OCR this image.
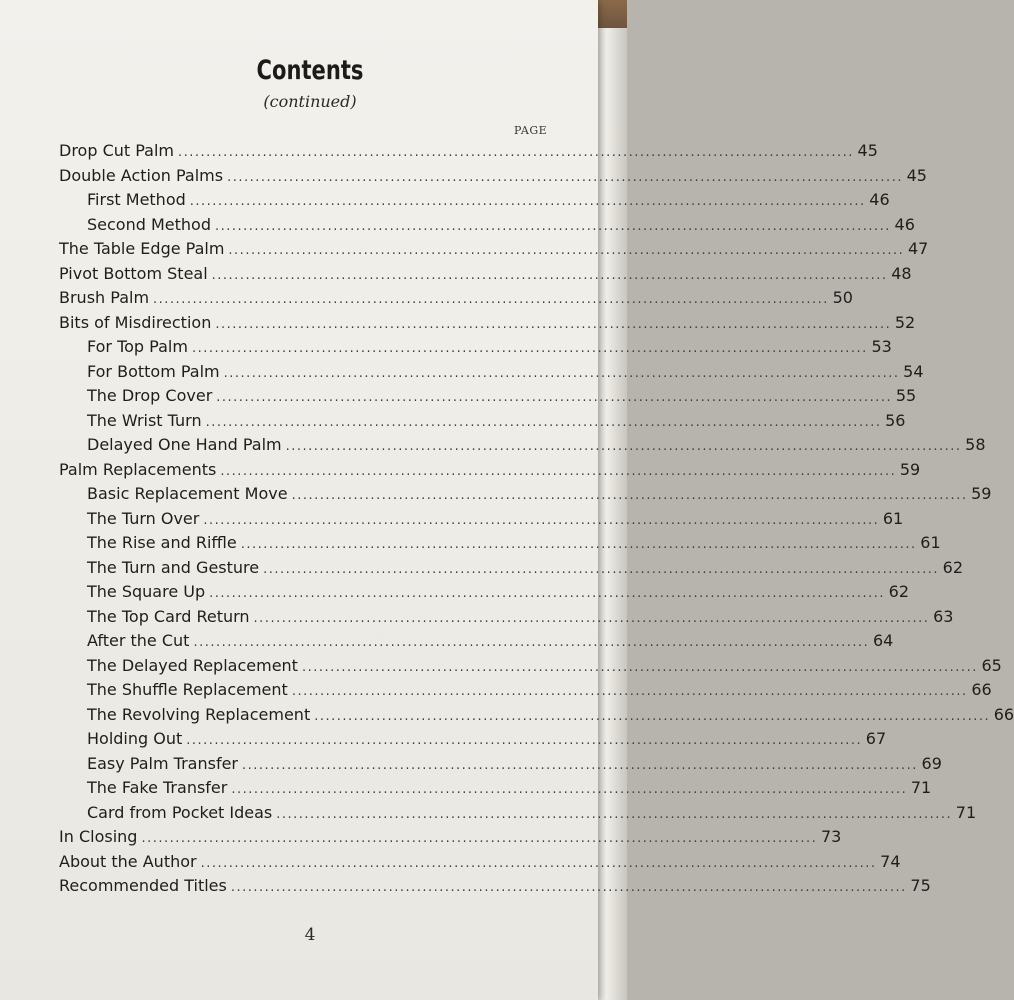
Contents
(continued)
PAGE
Drop Cut Palm ........................................................................................................................ 45
Double Action Palms ........................................................................................................................ 45
First Method ........................................................................................................................ 46
Second Method ........................................................................................................................ 46
The Table Edge Palm ........................................................................................................................ 47
Pivot Bottom Steal ........................................................................................................................ 48
Brush Palm ........................................................................................................................ 50
Bits of Misdirection ........................................................................................................................ 52
For Top Palm ........................................................................................................................ 53
For Bottom Palm ........................................................................................................................ 54
The Drop Cover ........................................................................................................................ 55
The Wrist Turn ........................................................................................................................ 56
Delayed One Hand Palm ........................................................................................................................ 58
Palm Replacements ........................................................................................................................ 59
Basic Replacement Move ........................................................................................................................ 59
The Turn Over ........................................................................................................................ 61
The Rise and Riffle ........................................................................................................................ 61
The Turn and Gesture ........................................................................................................................ 62
The Square Up ........................................................................................................................ 62
The Top Card Return ........................................................................................................................ 63
After the Cut ........................................................................................................................ 64
The Delayed Replacement ........................................................................................................................ 65
The Shuffle Replacement ........................................................................................................................ 66
The Revolving Replacement ........................................................................................................................ 66
Holding Out ........................................................................................................................ 67
Easy Palm Transfer ........................................................................................................................ 69
The Fake Transfer ........................................................................................................................ 71
Card from Pocket Ideas ........................................................................................................................ 71
In Closing ........................................................................................................................ 73
About the Author ........................................................................................................................ 74
Recommended Titles ........................................................................................................................ 75
4
